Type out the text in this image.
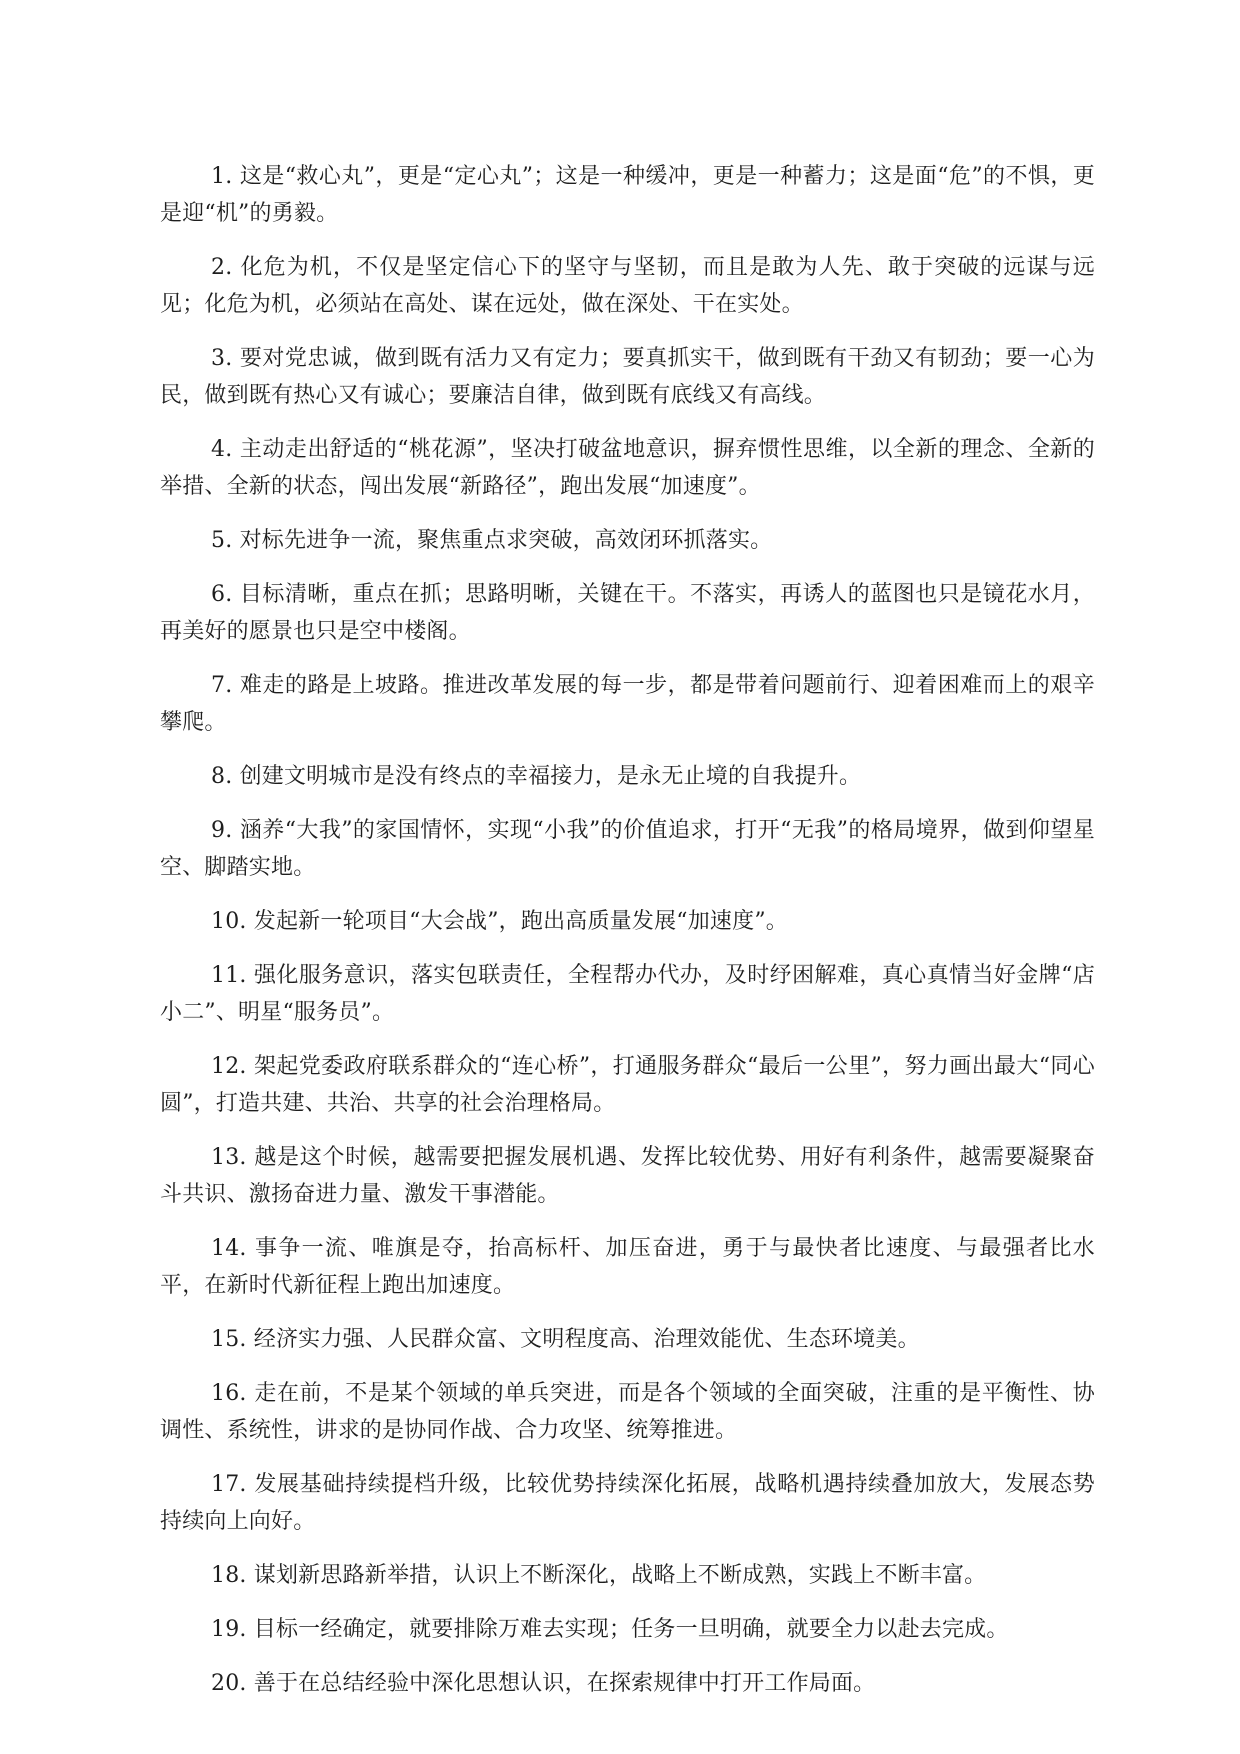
1. 这是“救心丸”，更是“定心丸”；这是一种缓冲，更是一种蓄力；这是面“危”的不惧，更是迎“机”的勇毅。

2. 化危为机，不仅是坚定信心下的坚守与坚韧，而且是敢为人先、敢于突破的远谋与远见；化危为机，必须站在高处、谋在远处，做在深处、干在实处。

3. 要对党忠诚，做到既有活力又有定力；要真抓实干，做到既有干劲又有韧劲；要一心为民，做到既有热心又有诚心；要廉洁自律，做到既有底线又有高线。

4. 主动走出舒适的“桃花源”，坚决打破盆地意识，摒弃惯性思维，以全新的理念、全新的举措、全新的状态，闯出发展“新路径”，跑出发展“加速度”。

5. 对标先进争一流，聚焦重点求突破，高效闭环抓落实。

6. 目标清晰，重点在抓；思路明晰，关键在干。不落实，再诱人的蓝图也只是镜花水月，再美好的愿景也只是空中楼阁。

7. 难走的路是上坡路。推进改革发展的每一步，都是带着问题前行、迎着困难而上的艰辛攀爬。

8. 创建文明城市是没有终点的幸福接力，是永无止境的自我提升。

9. 涵养“大我”的家国情怀，实现“小我”的价值追求，打开“无我”的格局境界，做到仰望星空、脚踏实地。

10. 发起新一轮项目“大会战”，跑出高质量发展“加速度”。

11. 强化服务意识，落实包联责任，全程帮办代办，及时纾困解难，真心真情当好金牌“店小二”、明星“服务员”。

12. 架起党委政府联系群众的“连心桥”，打通服务群众“最后一公里”，努力画出最大“同心圆”，打造共建、共治、共享的社会治理格局。

13. 越是这个时候，越需要把握发展机遇、发挥比较优势、用好有利条件，越需要凝聚奋斗共识、激扬奋进力量、激发干事潜能。

14. 事争一流、唯旗是夺，抬高标杆、加压奋进，勇于与最快者比速度、与最强者比水平，在新时代新征程上跑出加速度。

15. 经济实力强、人民群众富、文明程度高、治理效能优、生态环境美。

16. 走在前，不是某个领域的单兵突进，而是各个领域的全面突破，注重的是平衡性、协调性、系统性，讲求的是协同作战、合力攻坚、统筹推进。

17. 发展基础持续提档升级，比较优势持续深化拓展，战略机遇持续叠加放大，发展态势持续向上向好。

18. 谋划新思路新举措，认识上不断深化，战略上不断成熟，实践上不断丰富。

19. 目标一经确定，就要排除万难去实现；任务一旦明确，就要全力以赴去完成。

20. 善于在总结经验中深化思想认识，在探索规律中打开工作局面。
